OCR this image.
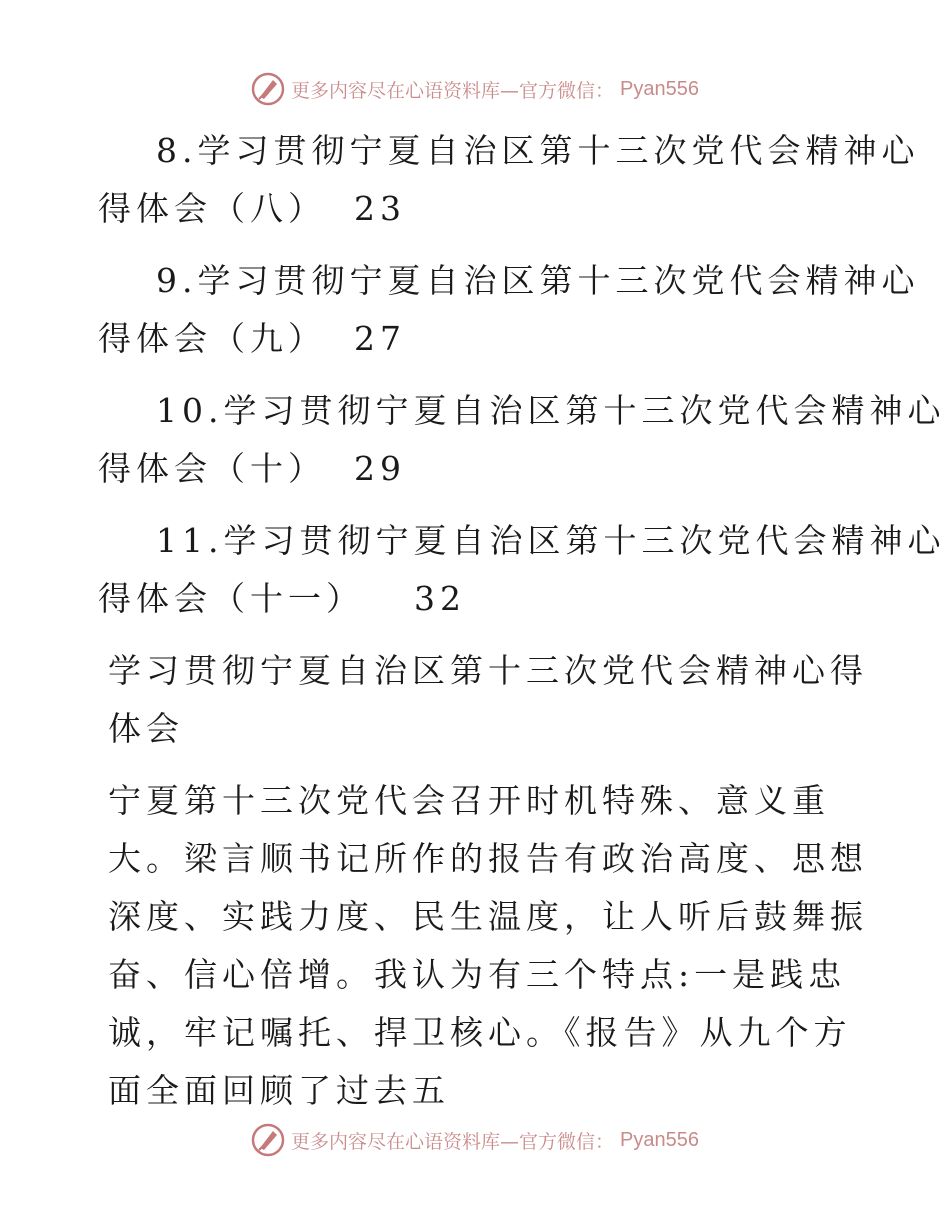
更多内容尽在心语资料库—官方微信： Pyan556
8.学习贯彻宁夏自治区第十三次党代会精神心
得体会（八） 23
9.学习贯彻宁夏自治区第十三次党代会精神心
得体会（九） 27
10.学习贯彻宁夏自治区第十三次党代会精神心
得体会（十） 29
11.学习贯彻宁夏自治区第十三次党代会精神心
得体会（十一） 32
学习贯彻宁夏自治区第十三次党代会精神心得体会
宁夏第十三次党代会召开时机特殊、意义重大。梁言顺书记所作的报告有政治高度、思想深度、实践力度、民生温度，让人听后鼓舞振奋、信心倍增。我认为有三个特点:一是践忠诚，牢记嘱托、捍卫核心。《报告》从九个方面全面回顾了过去五
更多内容尽在心语资料库—官方微信： Pyan556
